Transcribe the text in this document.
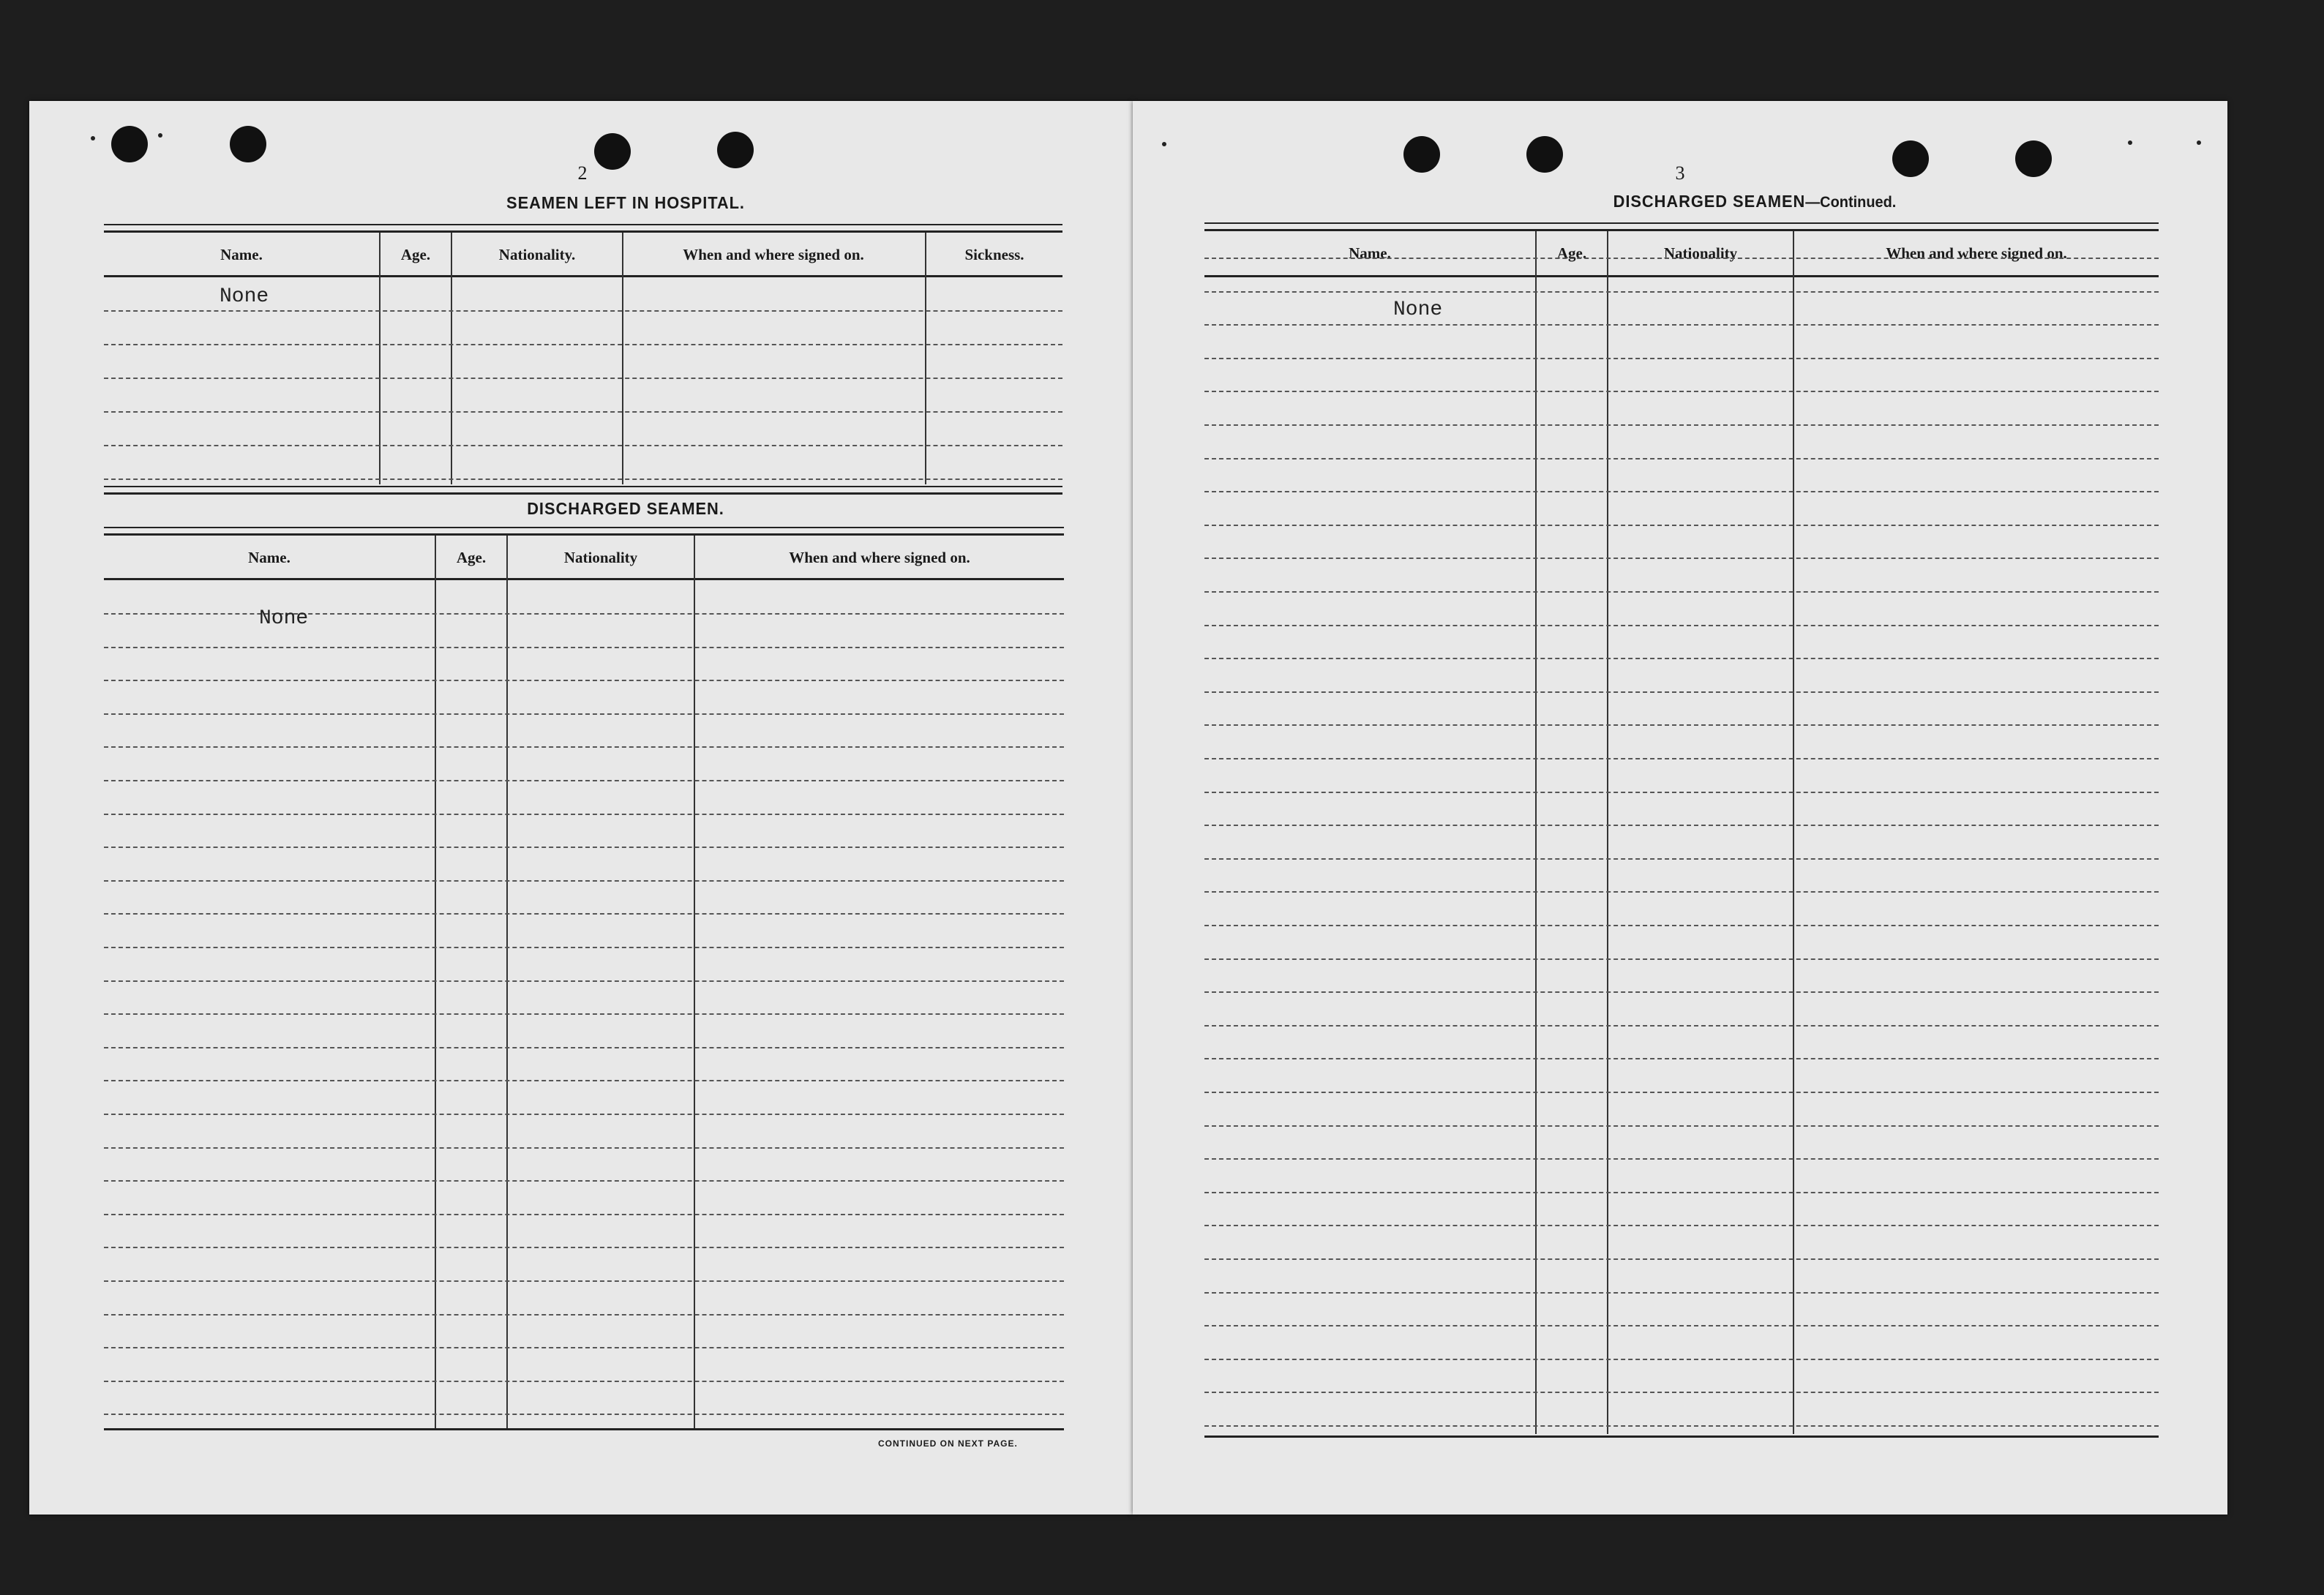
2
SEAMEN LEFT IN HOSPITAL.
Name.	Age.	Nationality.	When and where signed on.	Sickness.
None
DISCHARGED SEAMEN.
Name.	Age.	Nationality	When and where signed on.
None
CONTINUED ON NEXT PAGE.
3
DISCHARGED SEAMEN—Continued.
Name.	Age.	Nationality	When and where signed on.
None
